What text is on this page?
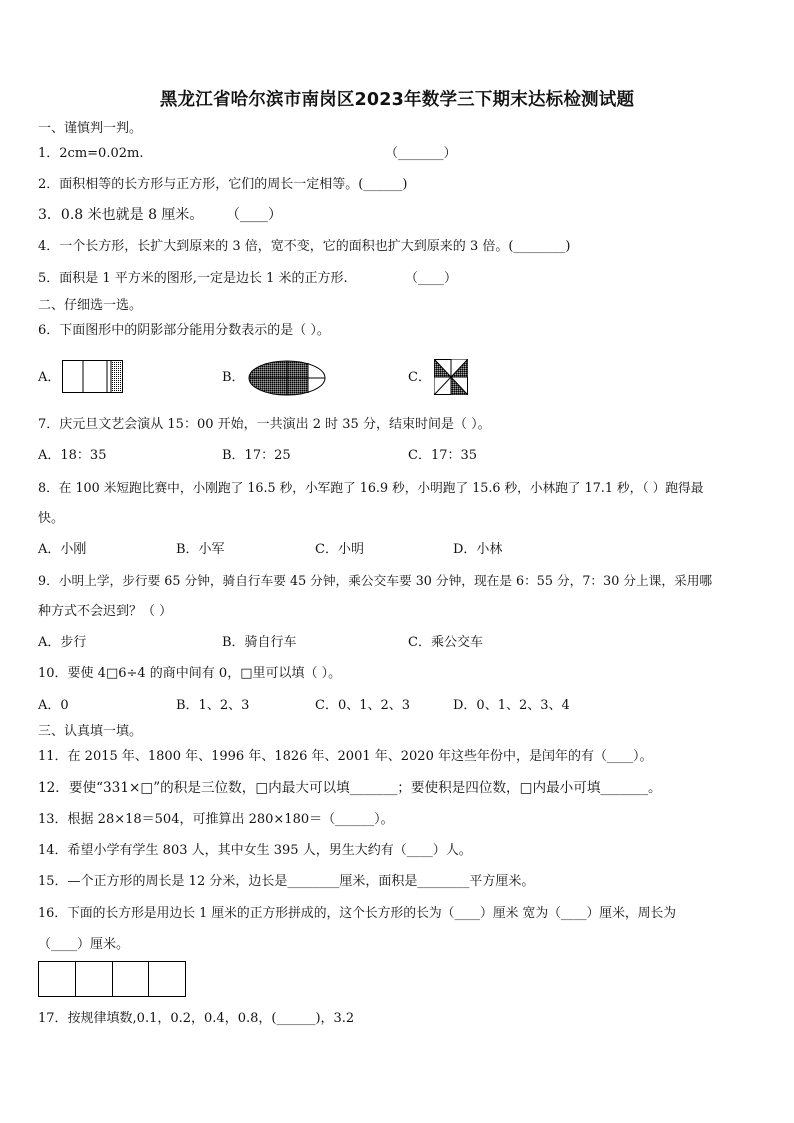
黑龙江省哈尔滨市南岗区2023年数学三下期末达标检测试题
一、谨慎判一判。
1．2cm=0.02m.	（_______）
2．面积相等的长方形与正方形，它们的周长一定相等。(______)
3．0.8 米也就是 8 厘米。 （____）
4．一个长方形，长扩大到原来的 3 倍，宽不变，它的面积也扩大到原来的 3 倍。(________)
5．面积是 1 平方米的图形,一定是边长 1 米的正方形.	（____）
二、仔细选一选。
6．下面图形中的阴影部分能用分数表示的是（ ）。
A．	B．	C．
7．庆元旦文艺会演从 15：00 开始，一共演出 2 时 35 分，结束时间是（ ）。
A．18：35	B．17：25	C．17：35
8．在 100 米短跑比赛中，小刚跑了 16.5 秒，小军跑了 16.9 秒，小明跑了 15.6 秒，小林跑了 17.1 秒，（ ）跑得最
快。
A．小刚	B．小军	C．小明	D．小林
9．小明上学，步行要 65 分钟，骑自行车要 45 分钟，乘公交车要 30 分钟，现在是 6：55 分，7：30 分上课，采用哪
种方式不会迟到？（ ）
A．步行	B．骑自行车	C．乘公交车
10．要使 4□6÷4 的商中间有 0，□里可以填（ ）。
A．0	B．1、2、3	C．0、1、2、3	D．0、1、2、3、4
三、认真填一填。
11．在 2015 年、1800 年、1996 年、1826 年、2001 年、2020 年这些年份中，是闰年的有（____）。
12．要使“331×□”的积是三位数，□内最大可以填_______；要使积是四位数，□内最小可填_______。
13．根据 28×18＝504，可推算出 280×180＝（______）。
14．希望小学有学生 803 人，其中女生 395 人，男生大约有（____）人。
15．—个正方形的周长是 12 分米，边长是________厘米，面积是________平方厘米。
16．下面的长方形是用边长 1 厘米的正方形拼成的，这个长方形的长为（____）厘米 宽为（____）厘米，周长为
（____）厘米。
17．按规律填数,0.1，0.2，0.4，0.8，(______)，3.2
